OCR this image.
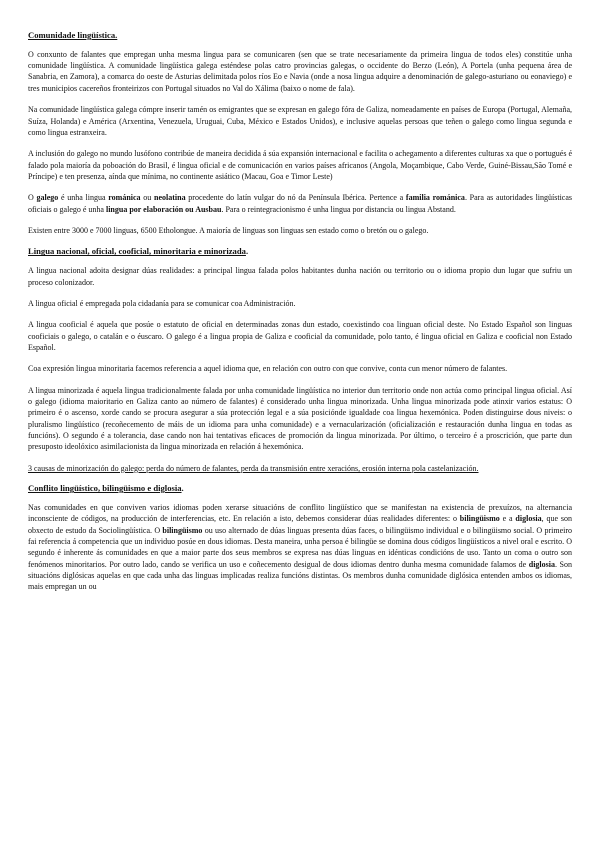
Comunidade lingüística.

O conxunto de falantes que empregan unha mesma lingua para se comunicaren (sen que se trate necesariamente da primeira lingua de todos eles) constitúe unha comunidade lingüística. A comunidade lingüística galega esténdese polas catro provincias galegas, o occidente do Berzo (León), A Portela (unha pequena área de Sanabria, en Zamora), a comarca do oeste de Asturias delimitada polos ríos Eo e Navia (onde a nosa lingua adquire a denominación de galego-asturiano ou eonaviego) e tres municipios cacereños fronteirizos con Portugal situados no Val do Xálima (baixo o nome de fala).

Na comunidade lingüística galega cómpre inserir tamén os emigrantes que se expresan en galego fóra de Galiza, nomeadamente en países de Europa (Portugal, Alemaña, Suíza, Holanda) e América (Arxentina, Venezuela, Uruguai, Cuba, México e Estados Unidos), e inclusive aquelas persoas que teñen o galego como lingua segunda e como lingua estranxeira.

A inclusión do galego no mundo lusófono contribúe de maneira decidida á súa expansión internacional e facilita o achegamento a diferentes culturas xa que o portugués é falado pola maioría da poboación do Brasil, é lingua oficial e de comunicación en varios países africanos (Angola, Moçambique, Cabo Verde, Guiné-Bissau,São Tomé e Príncipe) e ten presenza, aínda que mínima, no continente asiático (Macau, Goa e Timor Leste)

O galego é unha lingua románica ou neolatina procedente do latín vulgar do nó da Península Ibérica. Pertence a familia románica. Para as autoridades lingüísticas oficiais o galego é unha lingua por elaboración ou Ausbau. Para o reintegracionismo é unha lingua por distancia ou lingua Abstand.

Existen entre 3000 e 7000 linguas, 6500 Etholongue. A maioría de linguas son linguas sen estado como o bretón ou o galego.

Lingua nacional, oficial, cooficial, minoritaria e minorizada.

A lingua nacional adoita designar dúas realidades: a principal lingua falada polos habitantes dunha nación ou territorio ou o idioma propio dun lugar que sufriu un proceso colonizador.

A lingua oficial é empregada pola cidadanía para se comunicar coa Administración.

A lingua cooficial é aquela que posúe o estatuto de oficial en determinadas zonas dun estado, coexistindo coa linguan oficial deste. No Estado Español son linguas cooficiais o galego, o catalán e o éuscaro. O galego é a lingua propia de Galiza e cooficial da comunidade, polo tanto, é lingua oficial en Galiza e cooficial non Estado Español.

Coa expresión lingua minoritaria facemos referencia a aquel idioma que, en relación con outro con que convive, conta cun menor número de falantes.

A lingua minorizada é aquela lingua tradicionalmente falada por unha comunidade lingüística no interior dun territorio onde non actúa como principal lingua oficial. Así o galego (idioma maioritario en Galiza canto ao número de falantes) é considerado unha lingua minorizada. Unha lingua minorizada pode atinxir varios estatus: O primeiro é o ascenso, xorde cando se procura asegurar a súa protección legal e a súa posiciónde igualdade coa lingua hexemónica. Poden distinguirse dous niveis: o pluralismo lingüístico (recoñecemento de máis de un idioma para unha comunidade) e a vernacularización (oficialización e restauración dunha lingua en todas as funcións). O segundo é a tolerancia, dase cando non hai tentativas eficaces de promoción da lingua minorizada. Por último, o terceiro é a proscrición, que parte dun presuposto ideolóxico asimilacionista da lingua minorizada en relación á hexemónica.

3 causas de minorización do galego: perda do número de falantes, perda da transmisión entre xeracións, erosión interna pola castelanización.

Conflito lingüístico, bilingüismo e diglosia.

Nas comunidades en que conviven varios idiomas poden xerarse situacións de conflito lingüístico que se manifestan na existencia de prexuízos, na alternancia inconsciente de códigos, na producción de interferencias, etc. En relación a isto, debemos considerar dúas realidades diferentes: o bilingüismo e a diglosia, que son obxecto de estudo da Sociolingüística. O bilingüismo ou uso alternado de dúas linguas presenta dúas faces, o bilingüismo individual e o bilingüismo social. O primeiro fai referencia á competencia que un individuo posúe en dous idiomas. Desta maneira, unha persoa é bilingüe se domina dous códigos lingüísticos a nivel oral e escrito. O segundo é inherente ás comunidades en que a maior parte dos seus membros se expresa nas dúas linguas en idénticas condicións de uso. Tanto un coma o outro son fenómenos minoritarios. Por outro lado, cando se verifica un uso e coñecemento desigual de dous idiomas dentro dunha mesma comunidade falamos de diglosia. Son situacións diglósicas aquelas en que cada unha das linguas implicadas realiza funcións distintas. Os membros dunha comunidade diglósica entenden ambos os idiomas, mais empregan un ou
